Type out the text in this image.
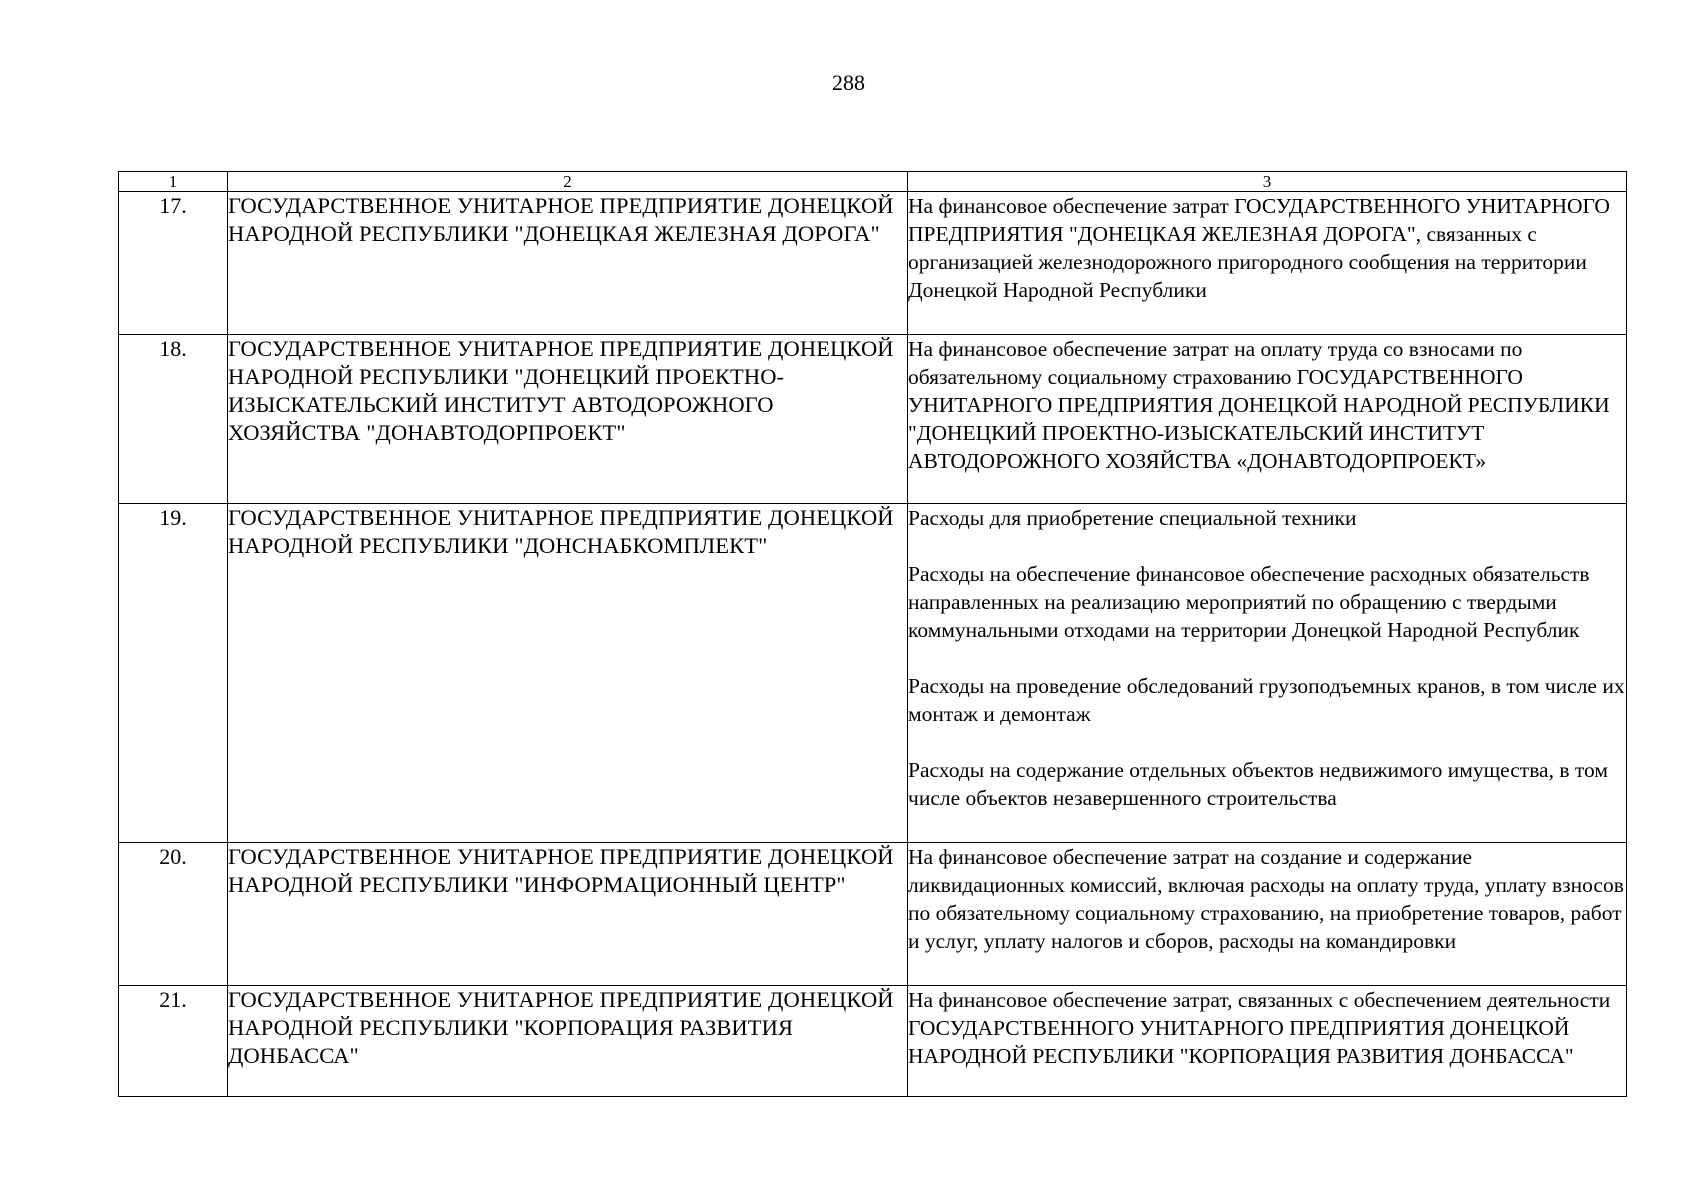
288
1	2	3
17.	ГОСУДАРСТВЕННОЕ УНИТАРНОЕ ПРЕДПРИЯТИЕ ДОНЕЦКОЙ НАРОДНОЙ РЕСПУБЛИКИ "ДОНЕЦКАЯ ЖЕЛЕЗНАЯ ДОРОГА"	На финансовое обеспечение затрат ГОСУДАРСТВЕННОГО УНИТАРНОГО ПРЕДПРИЯТИЯ "ДОНЕЦКАЯ ЖЕЛЕЗНАЯ ДОРОГА", связанных с организацией железнодорожного пригородного сообщения на территории Донецкой Народной Республики

18.	ГОСУДАРСТВЕННОЕ УНИТАРНОЕ ПРЕДПРИЯТИЕ ДОНЕЦКОЙ НАРОДНОЙ РЕСПУБЛИКИ "ДОНЕЦКИЙ ПРОЕКТНО-ИЗЫСКАТЕЛЬСКИЙ ИНСТИТУТ АВТОДОРОЖНОГО ХОЗЯЙСТВА "ДОНАВТОДОРПРОЕКТ"	На финансовое обеспечение затрат на оплату труда со взносами по обязательному социальному страхованию ГОСУДАРСТВЕННОГО УНИТАРНОГО ПРЕДПРИЯТИЯ ДОНЕЦКОЙ НАРОДНОЙ РЕСПУБЛИКИ "ДОНЕЦКИЙ ПРОЕКТНО-ИЗЫСКАТЕЛЬСКИЙ ИНСТИТУТ АВТОДОРОЖНОГО ХОЗЯЙСТВА «ДОНАВТОДОРПРОЕКТ»

19.	ГОСУДАРСТВЕННОЕ УНИТАРНОЕ ПРЕДПРИЯТИЕ ДОНЕЦКОЙ НАРОДНОЙ РЕСПУБЛИКИ "ДОНСНАБКОМПЛЕКТ"	Расходы для приобретение специальной техники
Расходы на обеспечение финансовое обеспечение расходных обязательств направленных на реализацию мероприятий по обращению с твердыми коммунальными отходами на территории Донецкой Народной Республик
Расходы на проведение обследований грузоподъемных кранов, в том числе их монтаж и демонтаж
Расходы на содержание отдельных объектов недвижимого имущества, в том числе объектов незавершенного строительства

20.	ГОСУДАРСТВЕННОЕ УНИТАРНОЕ ПРЕДПРИЯТИЕ ДОНЕЦКОЙ НАРОДНОЙ РЕСПУБЛИКИ "ИНФОРМАЦИОННЫЙ ЦЕНТР"	На финансовое обеспечение затрат на создание и содержание ликвидационных комиссий, включая расходы на оплату труда, уплату взносов по обязательному социальному страхованию, на приобретение товаров, работ и услуг, уплату налогов и сборов, расходы на командировки

21.	ГОСУДАРСТВЕННОЕ УНИТАРНОЕ ПРЕДПРИЯТИЕ ДОНЕЦКОЙ НАРОДНОЙ РЕСПУБЛИКИ "КОРПОРАЦИЯ РАЗВИТИЯ ДОНБАССА"	На финансовое обеспечение затрат, связанных с обеспечением деятельности ГОСУДАРСТВЕННОГО УНИТАРНОГО ПРЕДПРИЯТИЯ ДОНЕЦКОЙ НАРОДНОЙ РЕСПУБЛИКИ "КОРПОРАЦИЯ РАЗВИТИЯ ДОНБАССА"
